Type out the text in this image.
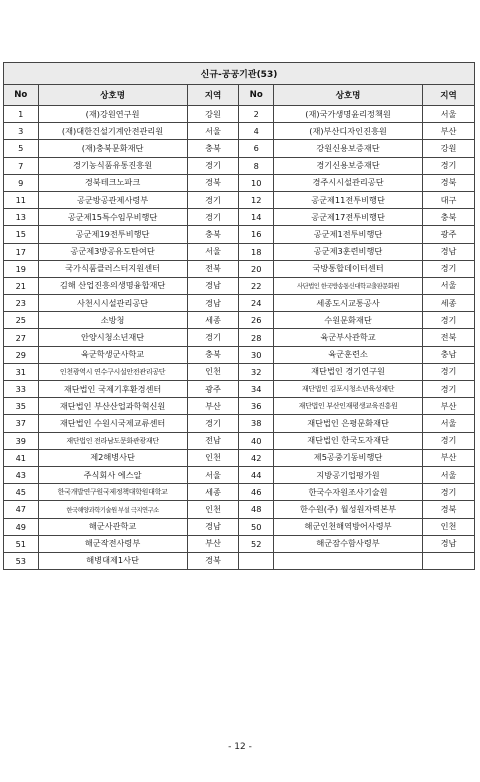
신규-공공기관(53)					
No	상호명	지역	No	상호명	지역
1	(재)강원연구원	강원	2	(재)국가생명윤리정책원	서울
3	(재)대한건설기계안전관리원	서울	4	(재)부산디자인진흥원	부산
5	(재)충북문화재단	충북	6	강원신용보증재단	강원
7	경기농식품유통진흥원	경기	8	경기신용보증재단	경기
9	경북테크노파크	경북	10	경주시시설관리공단	경북
11	공군방공관제사령부	경기	12	공군제11전투비행단	대구
13	공군제15특수임무비행단	경기	14	공군제17전투비행단	충북
15	공군제19전투비행단	충북	16	공군제1전투비행단	광주
17	공군제3방공유도탄여단	서울	18	공군제3훈련비행단	경남
19	국가식품클러스터지원센터	전북	20	국방통합데이터센터	경기
21	김해 산업진흥의생명융합재단	경남	22	사단법인 한국방송통신대학교출판문화원	서울
23	사천시시설관리공단	경남	24	세종도시교통공사	세종
25	소방청	세종	26	수원문화재단	경기
27	안양시청소년재단	경기	28	육군부사관학교	전북
29	육군학생군사학교	충북	30	육군훈련소	충남
31	인천광역시 연수구시설안전관리공단	인천	32	재단법인 경기연구원	경기
33	재단법인 국제기후환경센터	광주	34	재단법인 김포시청소년육성재단	경기
35	재단법인 부산산업과학혁신원	부산	36	재단법인 부산인재평생교육진흥원	부산
37	재단법인 수원시국제교류센터	경기	38	재단법인 은평문화재단	서울
39	재단법인 전라남도문화관광재단	전남	40	재단법인 한국도자재단	경기
41	제2해병사단	인천	42	제5공중기동비행단	부산
43	주식회사 에스알	서울	44	지방공기업평가원	서울
45	한국개발연구원국제정책대학원대학교	세종	46	한국수자원조사기술원	경기
47	한국해양과학기술원 부설 극지연구소	인천	48	한수원(주) 월성원자력본부	경북
49	해군사관학교	경남	50	해군인천해역방어사령부	인천
51	해군작전사령부	부산	52	해군잠수함사령부	경남
53	해병대제1사단	경북			
- 12 -
